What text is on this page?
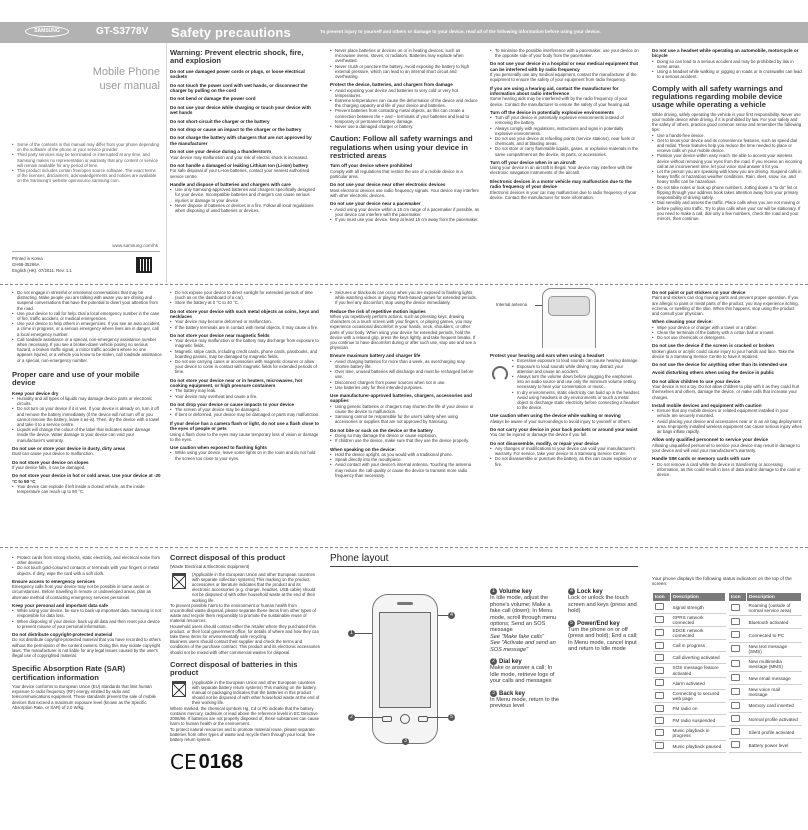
SAMSUNG	GT-S3778V
Mobile Phone
user manual
• Some of the contents in this manual may differ from your phone depending on the software of the phone or your service provider.
• Third party services may be terminated or interrupted at any time, and Samsung makes no representation or warranty that any content or service will remain available for any period of time.
• This product includes certain free/open source software. The exact terms of the licenses, disclaimers, acknowledgements and notices are available on the Samsung's website opensource.samsung.com.
www.samsung.com/hk
Printed in Korea
GH68-35266A
English (HK). 07/2011. Rev. 1.1
Safety precautions	To prevent injury to yourself and others or damage to your device, read all of the following information before using your device.
Warning: Prevent electric shock, fire, and explosion
Do not use damaged power cords or plugs, or loose electrical sockets
Do not touch the power cord with wet hands, or disconnect the charger by pulling on the cord
Do not bend or damage the power cord
Do not use your device while charging or touch your device with wet hands
Do not short-circuit the charger or the battery
Do not drop or cause an impact to the charger or the battery
Do not charge the battery with chargers that are not approved by the manufacturer
Do not use your device during a thunderstorm
Your device may malfunction and your risk of electric shock is increased.
Do not handle a damaged or leaking Lithium Ion (Li-Ion) battery
For safe disposal of your Li-Ion batteries, contact your nearest authorised service centre.
Handle and dispose of batteries and chargers with care
• Use only Samsung-approved batteries and chargers specifically designed for your device. Incompatible batteries and chargers can cause serious injuries or damage to your device.
• Never dispose of batteries or devices in a fire. Follow all local regulations when disposing of used batteries or devices.
• Never place batteries or devices on or in heating devices, such as microwave ovens, stoves, or radiators. Batteries may explode when overheated.
• Never crush or puncture the battery. Avoid exposing the battery to high external pressure, which can lead to an internal short circuit and overheating.
Protect the device, batteries, and chargers from damage
• Avoid exposing your device and batteries to very cold or very hot temperatures.
• Extreme temperatures can cause the deformation of the device and reduce the charging capacity and life of your device and batteries.
• Prevent batteries from contacting metal objects, as this can create a connection between the + and – terminals of your batteries and lead to temporary or permanent battery damage.
• Never use a damaged charger or battery.
Caution: Follow all safety warnings and regulations when using your device in restricted areas
Turn off your device where prohibited
Comply with all regulations that restrict the use of a mobile device in a particular area.
Do not use your device near other electronic devices
Most electronic devices use radio frequency signals. Your device may interfere with other electronic devices.
Do not use your device near a pacemaker
• Avoid using your device within a 15 cm range of a pacemaker if possible, as your device can interfere with the pacemaker.
• If you must use your device, keep at least 15 cm away from the pacemaker.
• To minimise the possible interference with a pacemaker, use your device on the opposite side of your body from the pacemaker.
Do not use your device in a hospital or near medical equipment that can be interfered with by radio frequency
If you personally use any medical equipment, contact the manufacturer of the equipment to ensure the safety of your equipment from radio frequency.
If you are using a hearing aid, contact the manufacturer for information about radio interference
Some hearing aids may be interfered with by the radio frequency of your device. Contact the manufacturer to ensure the safety of your hearing aid.
Turn off the device in potentially explosive environments
• Turn off your device in potentially explosive environments instead of removing the battery.
• Always comply with regulations, instructions and signs in potentially explosive environments.
• Do not use your device at refuelling points (service stations), near fuels or chemicals, and at blasting areas.
• Do not store or carry flammable liquids, gases, or explosive materials in the same compartment as the device, its parts, or accessories.
Turn off your device when in an aircraft
Using your device in an aircraft is illegal. Your device may interfere with the electronic navigation instruments of the aircraft.
Electronic devices in a motor vehicle may malfunction due to the radio frequency of your device
Electronic devices in your car may malfunction due to radio frequency of your device. Contact the manufacturer for more information.
Do not use a headset while operating an automobile, motorcycle or bicycle
• Doing so can lead to a serious accident and may be prohibited by law in some areas.
• Using a headset while walking or jogging on roads or in crosswalks can lead to a serious accident.
Comply with all safety warnings and regulations regarding mobile device usage while operating a vehicle
While driving, safely operating the vehicle is your first responsibility. Never use your mobile device while driving, if it is prohibited by law. For your safety and the safety of others, practice good common sense and remember the following tips:
• Use a hands-free device.
• Get to know your device and its convenience features, such as speed dial and redial. These features help you reduce the time needed to place or receive calls on your mobile device.
• Position your device within easy reach. Be able to access your wireless device without removing your eyes from the road. If you receive an incoming call at an inconvenient time, let your voice mail answer it for you.
• Let the person you are speaking with know you are driving. Suspend calls in heavy traffic or hazardous weather conditions. Rain, sleet, snow, ice, and heavy traffic can be hazardous.
• Do not take notes or look up phone numbers. Jotting down a "to do" list or flipping through your address book takes attention away from your primary responsibility of driving safely.
• Dial sensibly and assess the traffic. Place calls when you are not moving or before pulling into traffic. Try to plan calls when your car will be stationary. If you need to make a call, dial only a few numbers, check the road and your mirrors, then continue.
• Do not engage in stressful or emotional conversations that may be distracting. Make people you are talking with aware you are driving and suspend conversations that have the potential to divert your attention from the road.
• Use your device to call for help. Dial a local emergency number in the case of fire, traffic accident, or medical emergencies.
• Use your device to help others in emergencies. If you see an auto accident, a crime in progress, or a serious emergency where lives are in danger, call a local emergency number.
• Call roadside assistance or a special, non-emergency assistance number when necessary. If you see a broken-down vehicle posing no serious hazard, a broken traffic signal, a minor traffic accident where no one appears injured, or a vehicle you know to be stolen, call roadside assistance or a special, non-emergency number.
Proper care and use of your mobile device
Keep your device dry
• Humidity and all types of liquids may damage device parts or electronic circuits.
• Do not turn on your device if it is wet. If your device is already on, turn it off and remove the battery immediately (if the device will not turn off or you cannot remove the battery, leave it as-is). Then, dry the device with a towel and take it to a service centre.
• Liquids will change the colour of the label that indicates water damage inside the device. Water damage to your device can void your manufacturer's warranty.
Do not use or store your device in dusty, dirty areas
Dust can cause your device to malfunction.
Do not store your device on slopes
If your device falls, it can be damaged.
Do not store your device in hot or cold areas. Use your device at -20 °C to 50 °C
• Your device can explode if left inside a closed vehicle, as the inside temperature can reach up to 80 °C.
• Do not expose your device to direct sunlight for extended periods of time (such as on the dashboard of a car).
• Store the battery at 0 °C to 40 °C.
Do not store your device with such metal objects as coins, keys and necklaces
• Your device may become deformed or malfunction.
• If the battery terminals are in contact with metal objects, it may cause a fire.
Do not store your device near magnetic fields
• Your device may malfunction or the battery may discharge from exposure to magnetic fields.
• Magnetic stripe cards, including credit cards, phone cards, passbooks, and boarding passes, may be damaged by magnetic fields.
• Do not use carrying cases or accessories with magnetic closures or allow your device to come in contact with magnetic fields for extended periods of time.
Do not store your device near or in heaters, microwaves, hot cooking equipment, or high pressure containers
• The battery may leak.
• Your device may overheat and cause a fire.
Do not drop your device or cause impacts to your device
• The screen of your device may be damaged.
• If bent or deformed, your device may be damaged or parts may malfunction.
If your device has a camera flash or light, do not use a flash close to the eyes of people or pets
Using a flash close to the eyes may cause temporary loss of vision or damage to the eyes.
Use caution when exposed to flashing lights
• While using your device, leave some lights on in the room and do not hold the screen too close to your eyes.
• Seizures or blackouts can occur when you are exposed to flashing lights while watching videos or playing Flash-based games for extended periods. If you feel any discomfort, stop using the device immediately.
Reduce the risk of repetitive motion injuries
When you repetitively perform actions, such as pressing keys, drawing characters on a touch screen with your fingers, or playing games, you may experience occasional discomfort in your hands, neck, shoulders, or other parts of your body. When using your device for extended periods, hold the device with a relaxed grip, press the keys lightly, and take frequent breaks. If you continue to have discomfort during or after such use, stop use and see a physician.
Ensure maximum battery and charger life
• Avoid charging batteries for more than a week, as overcharging may shorten battery life.
• Over time, unused batteries will discharge and must be recharged before use.
• Disconnect chargers from power sources when not in use.
• Use batteries only for their intended purposes.
Use manufacturer-approved batteries, chargers, accessories and supplies
• Using generic batteries or chargers may shorten the life of your device or cause the device to malfunction.
• Samsung cannot be responsible for the user's safety when using accessories or supplies that are not approved by Samsung.
Do not bite or suck on the device or the battery
• Doing so may damage the device or cause explosion.
• If children use the device, make sure that they use the device properly.
When speaking on the device:
• Hold the device upright, as you would with a traditional phone.
• Speak directly into the mouthpiece.
• Avoid contact with your device's internal antenna. Touching the antenna may reduce the call quality or cause the device to transmit more radio frequency than necessary.
Internal antenna
Protect your hearing and ears when using a headset
• Excessive exposure to loud sounds can cause hearing damage.
• Exposure to loud sounds while driving may distract your attention and cause an accident.
• Always turn the volume down before plugging the earphones into an audio source and use only the minimum volume setting necessary to hear your conversation or music.
• In dry environments, static electricity can build up in the headset. Avoid using headsets in dry environments or touch a metal object to discharge static electricity before connecting a headset to the device.
Use caution when using the device while walking or moving
Always be aware of your surroundings to avoid injury to yourself or others.
Do not carry your device in your back pockets or around your waist
You can be injured or damage the device if you fall.
Do not disassemble, modify, or repair your device
• Any changes or modifications to your device can void your manufacturer's warranty. For service, take your device to a Samsung Service Centre.
• Do not disassemble or puncture the battery, as this can cause explosion or fire.
Do not paint or put stickers on your device
Paint and stickers can clog moving parts and prevent proper operation. If you are allergic to paint or metal parts of the product, you may experience itching, eczema, or swelling of the skin. When this happens, stop using the product and consult your physician.
When cleaning your device:
• Wipe your device or charger with a towel or a rubber.
• Clean the terminals of the battery with a cotton ball or a towel.
• Do not use chemicals or detergents.
Do not use the device if the screen is cracked or broken
Broken glass or acrylic could cause injury to your hands and face. Take the device to a Samsung Service Centre to have it repaired.
Do not use the device for anything other than its intended use
Avoid disturbing others when using the device in public
Do not allow children to use your device
Your device is not a toy. Do not allow children to play with it as they could hurt themselves and others, damage the device, or make calls that increase your charges.
Install mobile devices and equipment with caution
• Ensure that any mobile devices or related equipment installed in your vehicle are securely mounted.
• Avoid placing your device and accessories near or in an air bag deployment area. Improperly installed wireless equipment can cause serious injury when air bags inflate rapidly.
Allow only qualified personnel to service your device
Allowing unqualified personnel to service your device may result in damage to your device and will void your manufacturer's warranty.
Handle SIM cards or memory cards with care
• Do not remove a card while the device is transferring or accessing information, as this could result in loss of data and/or damage to the card or device.
• Protect cards from strong shocks, static electricity, and electrical noise from other devices.
• Do not touch gold-coloured contacts or terminals with your fingers or metal objects. If dirty, wipe the card with a soft cloth.
Ensure access to emergency services
Emergency calls from your device may not be possible in some areas or circumstances. Before travelling in remote or undeveloped areas, plan an alternate method of contacting emergency services personnel.
Keep your personal and important data safe
• While using your device, be sure to back up important data. Samsung is not responsible for data loss.
• When disposing of your device, back up all data and then reset your device to prevent misuse of your personal information.
Do not distribute copyright-protected material
Do not distribute copyright-protected material that you have recorded to others without the permission of the content owners. Doing this may violate copyright laws. The manufacturer is not liable for any legal issues caused by the user's illegal use of copyrighted material.
Specific Absorption Rate (SAR) certification information
Your device conforms to European Union (EU) standards that limit human exposure to radio frequency (RF) energy emitted by radio and telecommunications equipment. These standards prevent the sale of mobile devices that exceed a maximum exposure level (known as the Specific Absorption Rate, or SAR) of 2.0 W/kg.
Correct disposal of this product
(Waste Electrical & Electronic Equipment)
(Applicable in the European Union and other European countries with separate collection systems) This marking on the product, accessories or literature indicates that the product and its electronic accessories (e.g. charger, headset, USB cable) should not be disposed of with other household waste at the end of their working life.
To prevent possible harm to the environment or human health from uncontrolled waste disposal, please separate these items from other types of waste and recycle them responsibly to promote the sustainable reuse of material resources.
Household users should contact either the retailer where they purchased this product, or their local government office, for details of where and how they can take these items for environmentally safe recycling.
Business users should contact their supplier and check the terms and conditions of the purchase contract. This product and its electronic accessories should not be mixed with other commercial wastes for disposal.
Correct disposal of batteries in this product
(Applicable in the European Union and other European countries with separate battery return systems) This marking on the battery, manual or packaging indicates that the batteries in this product should not be disposed of with other household waste at the end of their working life.
Where marked, the chemical symbols Hg, Cd or Pb indicate that the battery contains mercury, cadmium or lead above the reference levels in EC Directive 2006/66. If batteries are not properly disposed of, these substances can cause harm to human health or the environment.
To protect natural resources and to promote material reuse, please separate batteries from other types of waste and recycle them through your local, free battery return system.
CE 0168
Phone layout
1
2
3
4
5
1 Volume key
In Idle mode, adjust the phone's volume; Make a fake call (down); In Menu mode, scroll through menu options; Send an SOS message
See "Make fake calls"
See "Activate and send an SOS message"
2 Dial key
Make or answer a call; In Idle mode, retrieve logs of your calls and messages
3 Back key
In Menu mode, return to the previous level
4 Lock key
Lock or unlock the touch screen and keys (press and hold)
5 Power/End key
Turn the phone on or off (press and hold); End a call; In Menu mode, cancel input and return to Idle mode
Your phone displays the following status indicators on the top of the screen:
Icon	Description
	Signal strength
	GPRS network connected
	EDGE network connected
	Call in progress
	Call diverting activated
	SOS message feature activated
	Alarm activated
	Connecting to secured web page
	FM radio on
	FM radio suspended
	Music playback in progress
	Music playback paused
Icon	Description
	Roaming (outside of normal service area)
	Bluetooth activated
	Connected to PC
	New text message (SMS)
	New multimedia message (MMS)
	New email message
	New voice mail message
	Memory card inserted
	Normal profile activated
	Silent profile activated
	Battery power level
